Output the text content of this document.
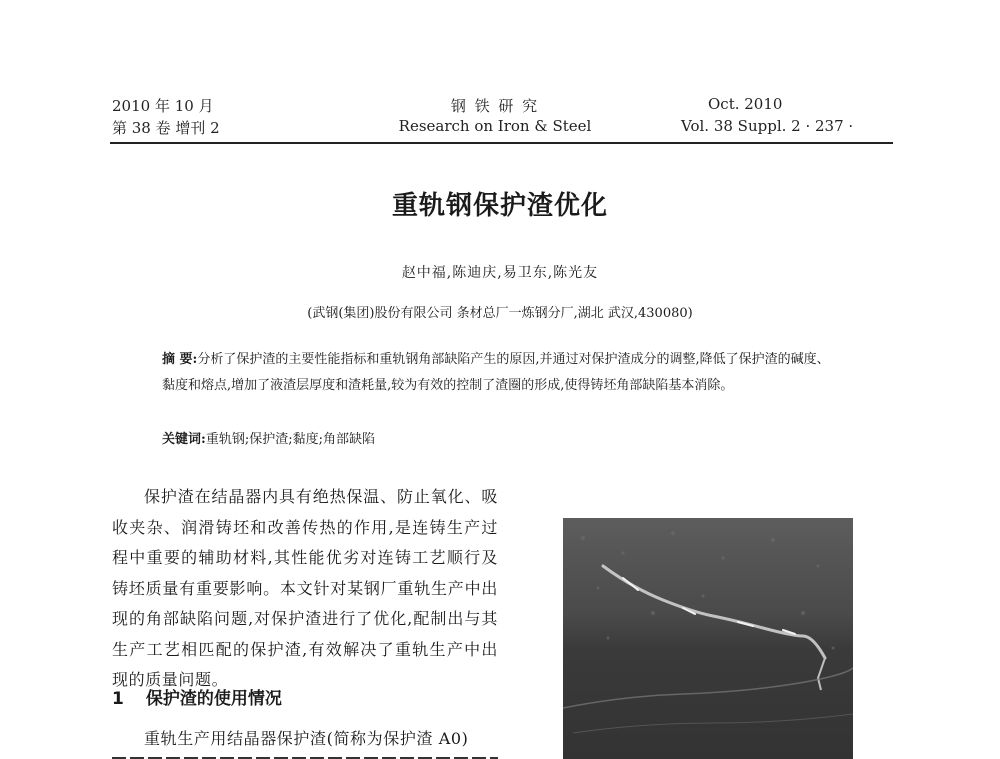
2010 年 10 月
第 38 卷 增刊 2
钢 铁 研 究
Research on Iron & Steel
Oct. 2010
Vol. 38 Suppl. 2 · 237 ·
重轨钢保护渣优化
赵中福,陈迪庆,易卫东,陈光友
(武钢(集团)股份有限公司 条材总厂一炼钢分厂,湖北 武汉,430080)
摘 要:分析了保护渣的主要性能指标和重轨钢角部缺陷产生的原因,并通过对保护渣成分的调整,降低了保护渣的碱度、黏度和熔点,增加了液渣层厚度和渣耗量,较为有效的控制了渣圈的形成,使得铸坯角部缺陷基本消除。
关键词:重轨钢;保护渣;黏度;角部缺陷
保护渣在结晶器内具有绝热保温、防止氧化、吸收夹杂、润滑铸坯和改善传热的作用,是连铸生产过程中重要的辅助材料,其性能优劣对连铸工艺顺行及铸坯质量有重要影响。本文针对某钢厂重轨生产中出现的角部缺陷问题,对保护渣进行了优化,配制出与其生产工艺相匹配的保护渣,有效解决了重轨生产中出现的质量问题。
1 保护渣的使用情况
重轨生产用结晶器保护渣(简称为保护渣 A0)
